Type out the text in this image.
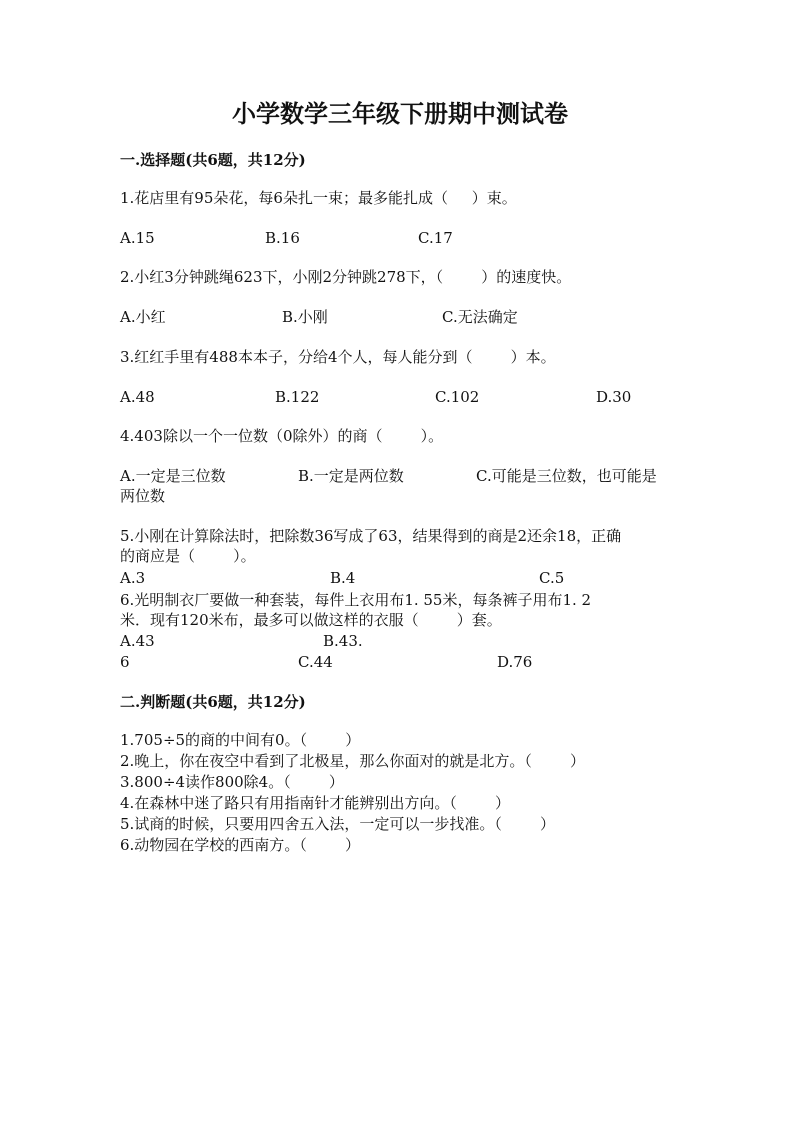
小学数学三年级下册期中测试卷
一.选择题(共6题，共12分)
1.花店里有95朵花，每6朵扎一束；最多能扎成（     ）束。
A.15	B.16	C.17
2.小红3分钟跳绳623下，小刚2分钟跳278下，（        ）的速度快。
A.小红	B.小刚	C.无法确定
3.红红手里有488本本子，分给4个人，每人能分到（        ）本。
A.48	B.122	C.102	D.30
4.403除以一个一位数（0除外）的商（        ）。
A.一定是三位数	B.一定是两位数	C.可能是三位数，也可能是
两位数
5.小刚在计算除法时，把除数36写成了63，结果得到的商是2还余18，正确
的商应是（        ）。
A.3	B.4	C.5
6.光明制衣厂要做一种套装，每件上衣用布1. 55米，每条裤子用布1. 2
米．现有120米布，最多可以做这样的衣服（        ）套。
A.43	B.43.
6	C.44	D.76
二.判断题(共6题，共12分)
1.705÷5的商的中间有0。（        ）
2.晚上，你在夜空中看到了北极星，那么你面对的就是北方。（        ）
3.800÷4读作800除4。（        ）
4.在森林中迷了路只有用指南针才能辨别出方向。（        ）
5.试商的时候，只要用四舍五入法，一定可以一步找准。（        ）
6.动物园在学校的西南方。（        ）
